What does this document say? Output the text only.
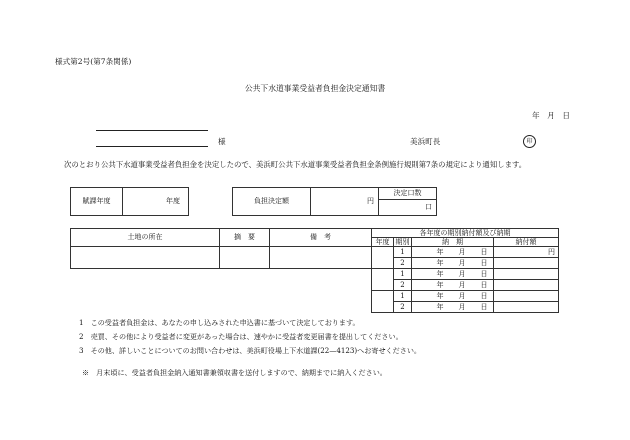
様式第2号(第7条関係)
公共下水道事業受益者負担金決定通知書
年　月　日
様	美浜町長	印
次のとおり公共下水道事業受益者負担金を決定したので、美浜町公共下水道事業受益者負担金条例施行規則第7条の規定により通知します。
賦課年度	年度		負担決定額	円	決定口数
口
土地の所在	摘　要	備　考	各年度の期別納付額及び納期			
			年度	期別	納　期	納付額
				1	年 月 日	円
				2	年 月 日	
				1	年 月 日	
				2	年 月 日	
				1	年 月 日	
				2	年 月 日	
1　この受益者負担金は、あなたの申し込みされた申込書に基づいて決定しております。
2　売買、その他により受益者に変更があった場合は、速やかに受益者変更届書を提出してください。
3　その他、詳しいことについてのお問い合わせは、美浜町役場上下水道課(22—4123)へお寄せください。
※　月末頃に、受益者負担金納入通知書兼領収書を送付しますので、納期までに納入ください。
